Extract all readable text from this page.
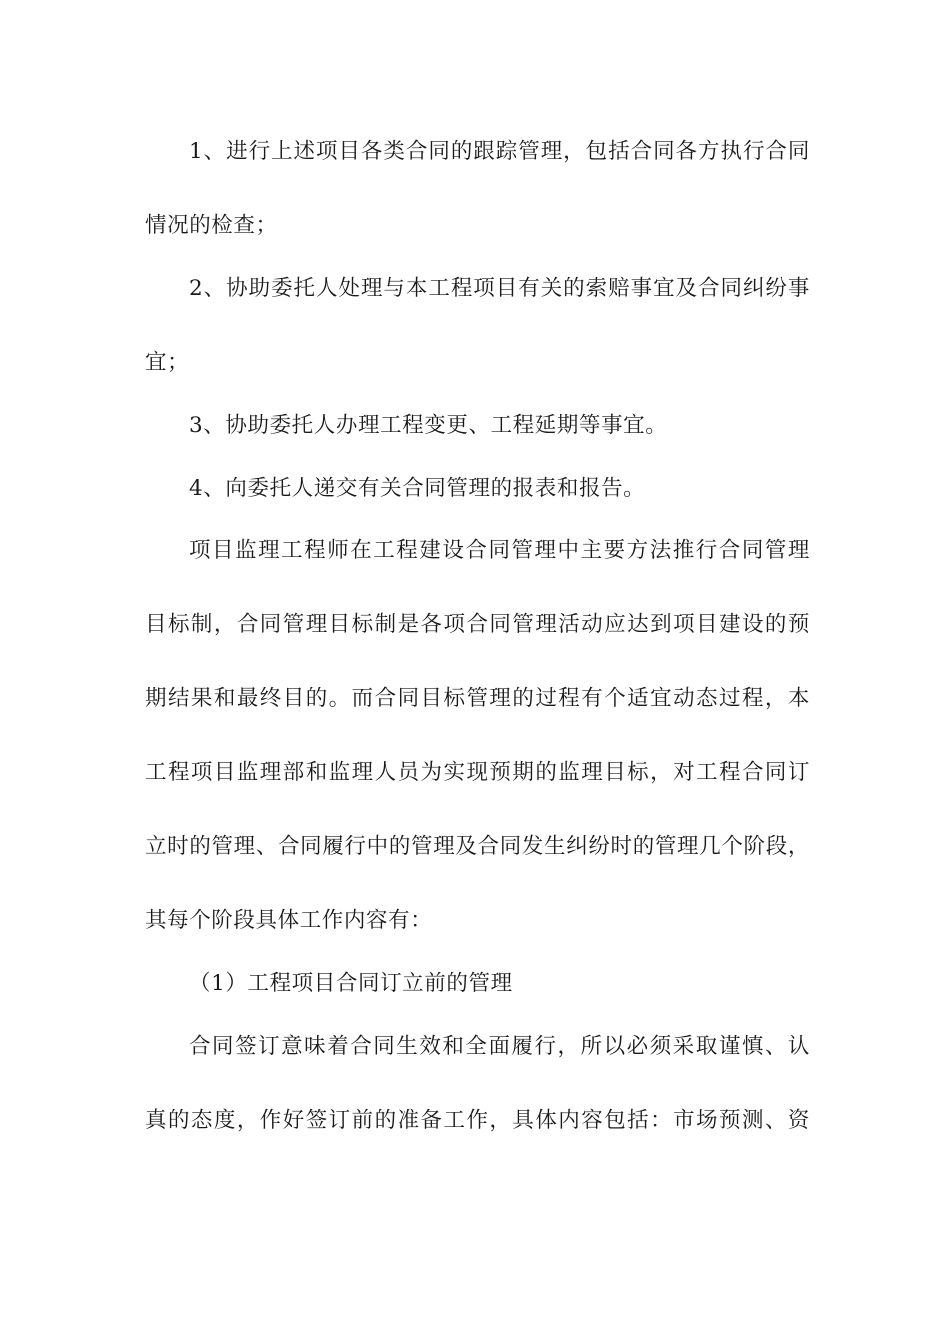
1、进行上述项目各类合同的跟踪管理，包括合同各方执行合同
情况的检查；
2、协助委托人处理与本工程项目有关的索赔事宜及合同纠纷事
宜；
3、协助委托人办理工程变更、工程延期等事宜。
4、向委托人递交有关合同管理的报表和报告。
项目监理工程师在工程建设合同管理中主要方法推行合同管理
目标制，合同管理目标制是各项合同管理活动应达到项目建设的预
期结果和最终目的。而合同目标管理的过程有个适宜动态过程，本
工程项目监理部和监理人员为实现预期的监理目标，对工程合同订
立时的管理、合同履行中的管理及合同发生纠纷时的管理几个阶段，
其每个阶段具体工作内容有：
（1）工程项目合同订立前的管理
合同签订意味着合同生效和全面履行，所以必须采取谨慎、认
真的态度，作好签订前的准备工作，具体内容包括：市场预测、资
